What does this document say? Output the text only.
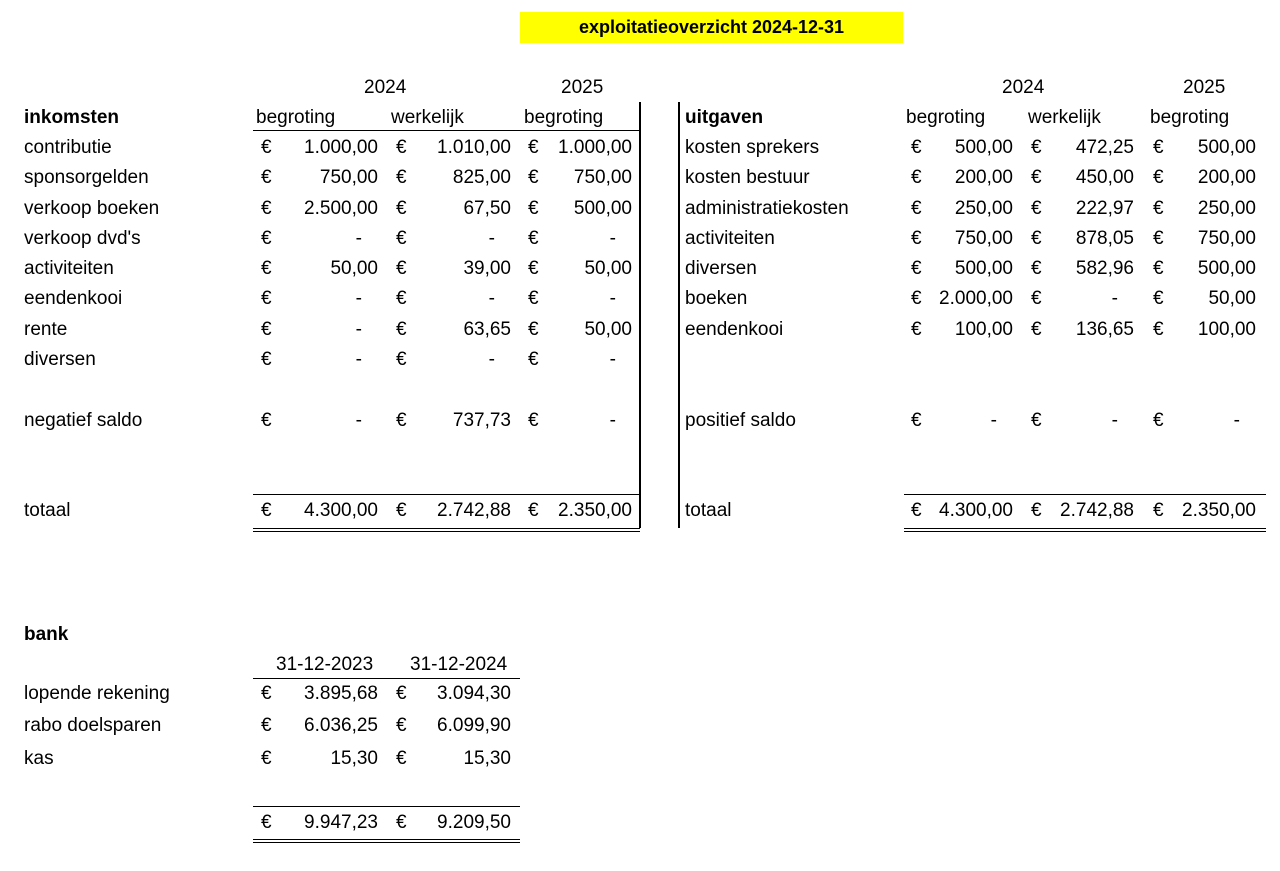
exploitatieoverzicht 2024-12-31
2024	2025
inkomsten	begroting	werkelijk	begroting
contributie	€	1.000,00 €	1.010,00 €	1.000,00
sponsorgelden	€	750,00 €	825,00 €	750,00
verkoop boeken	€	2.500,00 €	67,50 €	500,00
verkoop dvd's	€	- €	- €	-
activiteiten	€	50,00 €	39,00 €	50,00
eendenkooi	€	- €	- €	-
rente	€	- €	63,65 €	50,00
diversen	€	- €	- €	-
negatief saldo	€	- €	737,73 €	-
totaal	€	4.300,00 €	2.742,88 €	2.350,00
2024	2025
uitgaven	begroting werkelijk	begroting
kosten sprekers	€	500,00 €	472,25 €	500,00
kosten bestuur	€	200,00 €	450,00 €	200,00
administratiekosten	€	250,00 €	222,97 €	250,00
activiteiten	€	750,00 €	878,05 €	750,00
diversen	€	500,00 €	582,96 €	500,00
boeken	€ 2.000,00 €	- €	50,00
eendenkooi	€	100,00 €	136,65 €	100,00
positief saldo	€	- €	- €	-
totaal	€ 4.300,00 € 2.742,88 € 2.350,00
bank
31-12-2023 31-12-2024
lopende rekening	€	3.895,68 €	3.094,30
rabo doelsparen	€	6.036,25 €	6.099,90
kas	€	15,30 €	15,30
€	9.947,23 €	9.209,50
